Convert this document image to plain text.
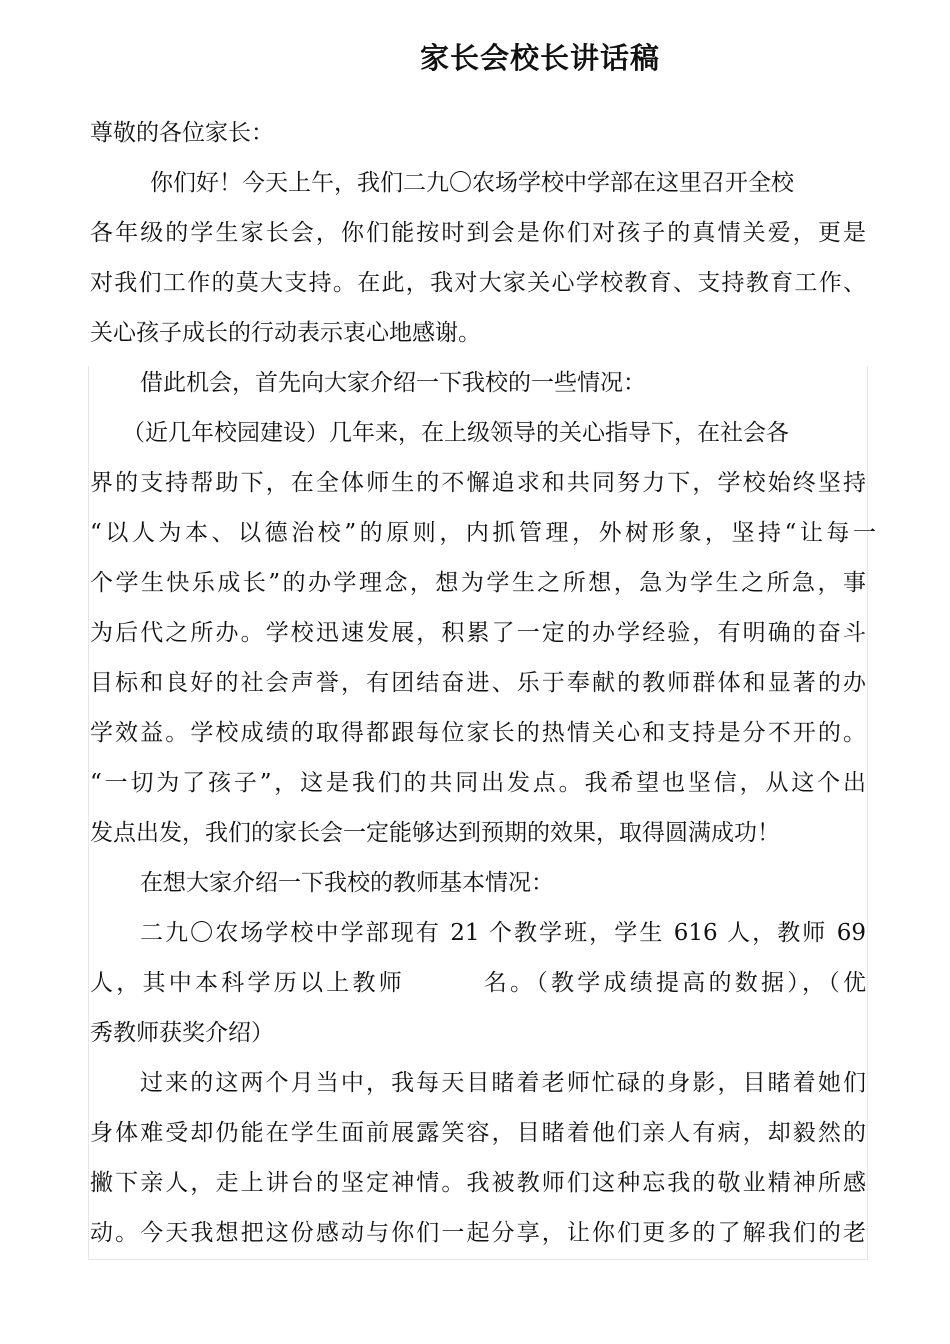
家长会校长讲话稿
尊敬的各位家长：
你们好！今天上午，我们二九〇农场学校中学部在这里召开全校
各年级的学生家长会，你们能按时到会是你们对孩子的真情关爱，更是
对我们工作的莫大支持。在此，我对大家关心学校教育、支持教育工作、
关心孩子成长的行动表示衷心地感谢。
借此机会，首先向大家介绍一下我校的一些情况：
（近几年校园建设）几年来，在上级领导的关心指导下，在社会各
界的支持帮助下，在全体师生的不懈追求和共同努力下，学校始终坚持
“以人为本、以德治校”的原则，内抓管理，外树形象，坚持“让每一
个学生快乐成长”的办学理念，想为学生之所想，急为学生之所急，事
为后代之所办。学校迅速发展，积累了一定的办学经验，有明确的奋斗
目标和良好的社会声誉，有团结奋进、乐于奉献的教师群体和显著的办
学效益。学校成绩的取得都跟每位家长的热情关心和支持是分不开的。
“一切为了孩子”，这是我们的共同出发点。我希望也坚信，从这个出
发点出发，我们的家长会一定能够达到预期的效果，取得圆满成功！
在想大家介绍一下我校的教师基本情况：
二九〇农场学校中学部现有 21 个教学班，学生 616 人，教师 69
人，其中本科学历以上教师　　　名。（教学成绩提高的数据），（优
秀教师获奖介绍）
过来的这两个月当中，我每天目睹着老师忙碌的身影，目睹着她们
身体难受却仍能在学生面前展露笑容，目睹着他们亲人有病，却毅然的
撇下亲人，走上讲台的坚定神情。我被教师们这种忘我的敬业精神所感
动。今天我想把这份感动与你们一起分享，让你们更多的了解我们的老
